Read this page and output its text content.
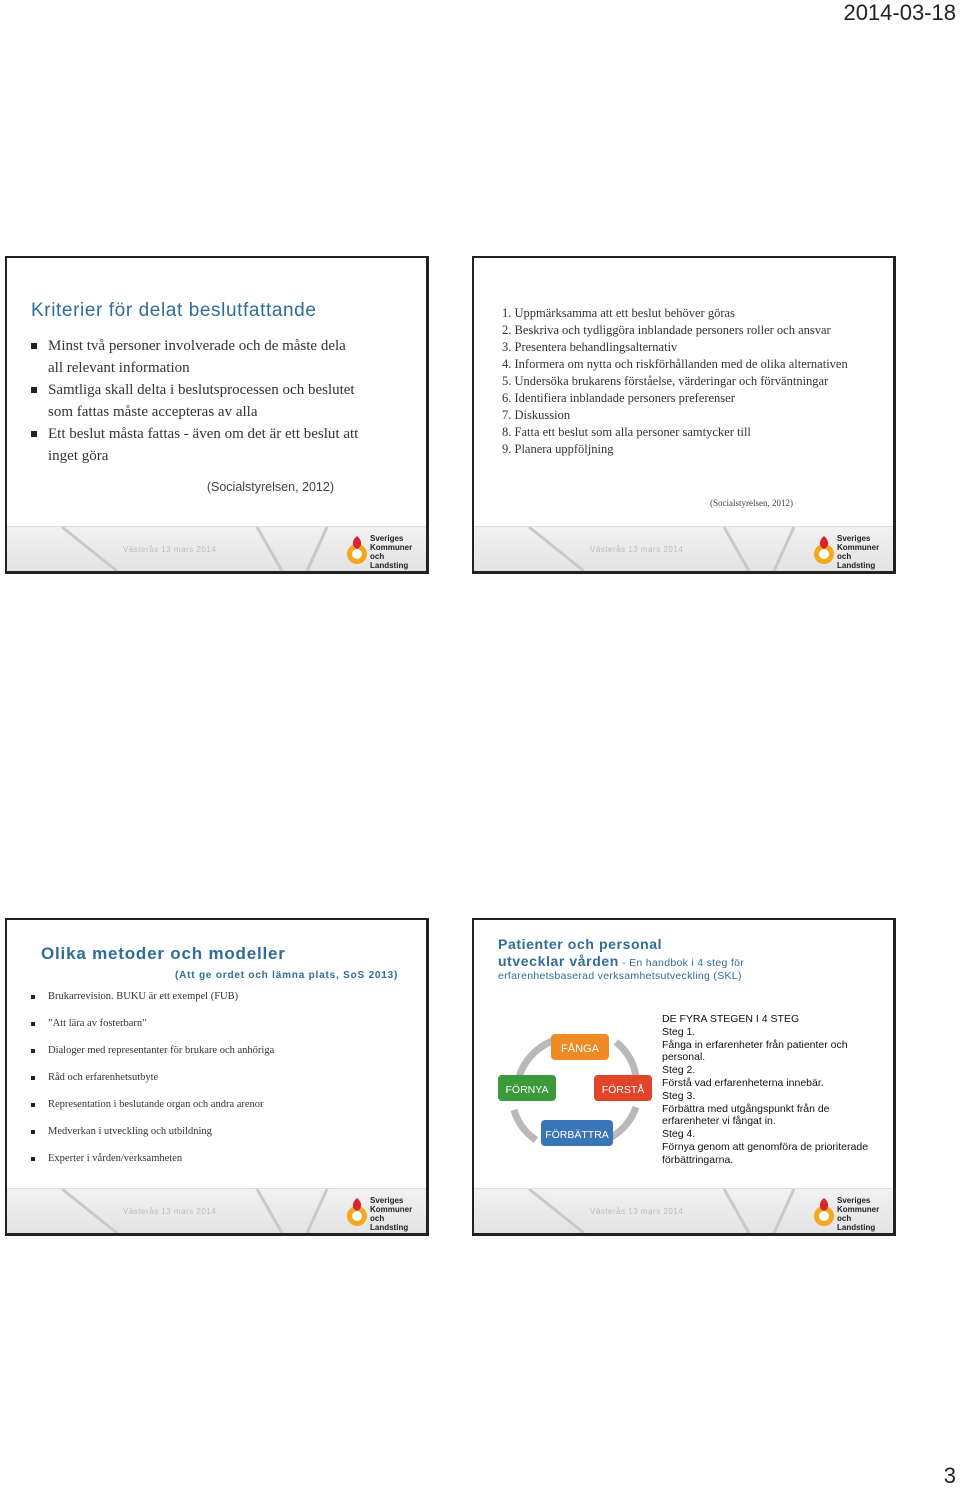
2014-03-18
Kriterier för delat beslutfattande
Minst två personer involverade och de måste dela all relevant information
Samtliga skall delta i beslutsprocessen och beslutet som fattas måste accepteras av alla
Ett beslut måsta fattas - även om det är ett beslut att inget göra
(Socialstyrelsen, 2012)
Västerås 13 mars 2014
Sveriges
Kommuner
och Landsting
1. Uppmärksamma att ett beslut behöver göras
2. Beskriva och tydliggöra inblandade personers roller och ansvar
3. Presentera behandlingsalternativ
4. Informera om nytta och riskförhållanden med de olika alternativen
5. Undersöka brukarens förståelse, värderingar och förväntningar
6. Identifiera inblandade personers preferenser
7. Diskussion
8. Fatta ett beslut som alla personer samtycker till
9. Planera uppföljning
(Socialstyrelsen, 2012)
Västerås 13 mars 2014
Sveriges
Kommuner
och Landsting
Olika metoder och modeller
(Att ge ordet och lämna plats, SoS 2013)
Brukarrevision. BUKU är ett exempel (FUB)
”Att lära av fosterbarn”
Dialoger med representanter för brukare och anhöriga
Råd och erfarenhetsutbyte
Representation i beslutande organ och andra arenor
Medverkan i utveckling och utbildning
Experter i vården/verksamheten
Västerås 13 mars 2014
Sveriges
Kommuner
och Landsting
Patienter och personal
utvecklar vården - En handbok i 4 steg för
erfarenhetsbaserad verksamhetsutveckling (SKL)
FÅNGA
FÖRSTÅ
FÖRBÄTTRA
FÖRNYA
DE FYRA STEGEN I 4 STEG
Steg 1.
Fånga in erfarenheter från patienter och personal.
Steg 2.
Förstå vad erfarenheterna innebär.
Steg 3.
Förbättra med utgångspunkt från de erfarenheter vi fångat in.
Steg 4.
Förnya genom att genomföra de prioriterade förbättringarna.
Västerås 13 mars 2014
Sveriges
Kommuner
och Landsting
3
